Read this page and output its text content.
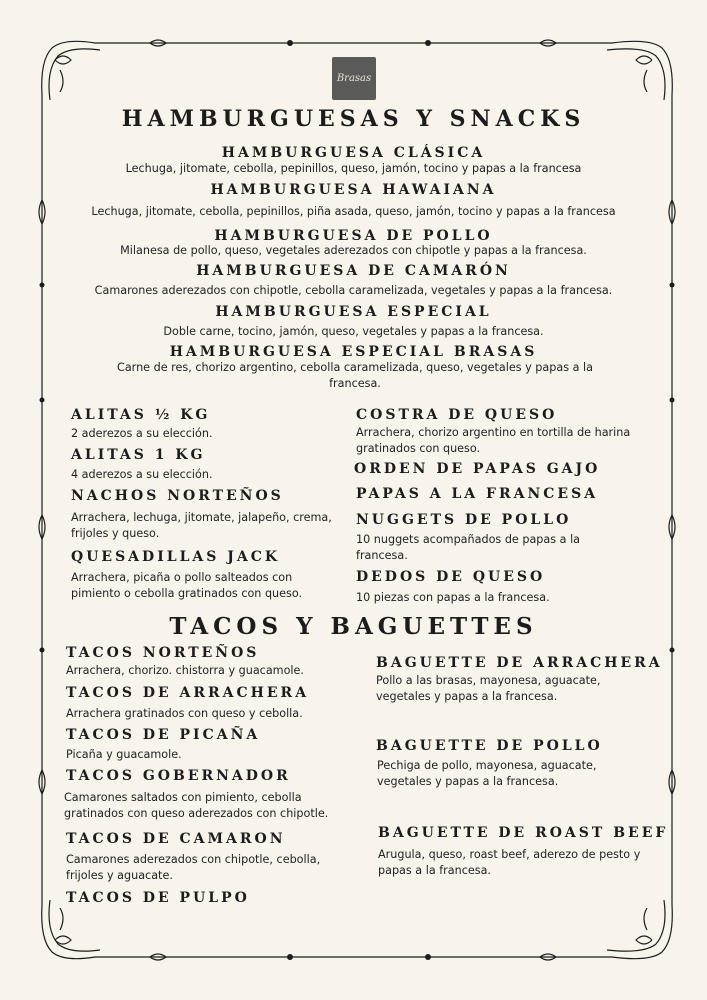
Brasas
HAMBURGUESAS Y SNACKS
HAMBURGUESA CLÁSICA
Lechuga, jitomate, cebolla, pepinillos, queso, jamón, tocino y papas a la francesa
HAMBURGUESA HAWAIANA
Lechuga, jitomate, cebolla, pepinillos, piña asada, queso, jamón, tocino y papas a la francesa
HAMBURGUESA DE POLLO
Milanesa de pollo, queso, vegetales aderezados con chipotle y papas a la francesa.
HAMBURGUESA DE CAMARÓN
Camarones aderezados con chipotle, cebolla caramelizada, vegetales y papas a la francesa.
HAMBURGUESA ESPECIAL
Doble carne, tocino, jamón, queso, vegetales y papas a la francesa.
HAMBURGUESA ESPECIAL BRASAS
Carne de res, chorizo argentino, cebolla caramelizada, queso, vegetales y papas a la francesa.
ALITAS ½ KG
2 aderezos a su elección.
ALITAS 1 KG
4 aderezos a su elección.
NACHOS NORTEÑOS
Arrachera, lechuga, jitomate, jalapeño, crema, frijoles y queso.
QUESADILLAS JACK
Arrachera, picaña o pollo salteados con pimiento o cebolla gratinados con queso.
COSTRA DE QUESO
Arrachera, chorizo argentino en tortilla de harina gratinados con queso.
ORDEN DE PAPAS GAJO
PAPAS A LA FRANCESA
NUGGETS DE POLLO
10 nuggets acompañados de papas a la francesa.
DEDOS DE QUESO
10 piezas con papas a la francesa.
TACOS Y BAGUETTES
TACOS NORTEÑOS
Arrachera, chorizo. chistorra y guacamole.
TACOS DE ARRACHERA
Arrachera gratinados con queso y cebolla.
TACOS DE PICAÑA
Picaña y guacamole.
TACOS GOBERNADOR
Camarones saltados con pimiento, cebolla gratinados con queso aderezados con chipotle.
TACOS DE CAMARON
Camarones aderezados con chipotle, cebolla, frijoles y aguacate.
TACOS DE PULPO
BAGUETTE DE ARRACHERA
Pollo a las brasas, mayonesa, aguacate, vegetales y papas a la francesa.
BAGUETTE DE POLLO
Pechiga de pollo, mayonesa, aguacate, vegetales y papas a la francesa.
BAGUETTE DE ROAST BEEF
Arugula, queso, roast beef, aderezo de pesto y papas a la francesa.
